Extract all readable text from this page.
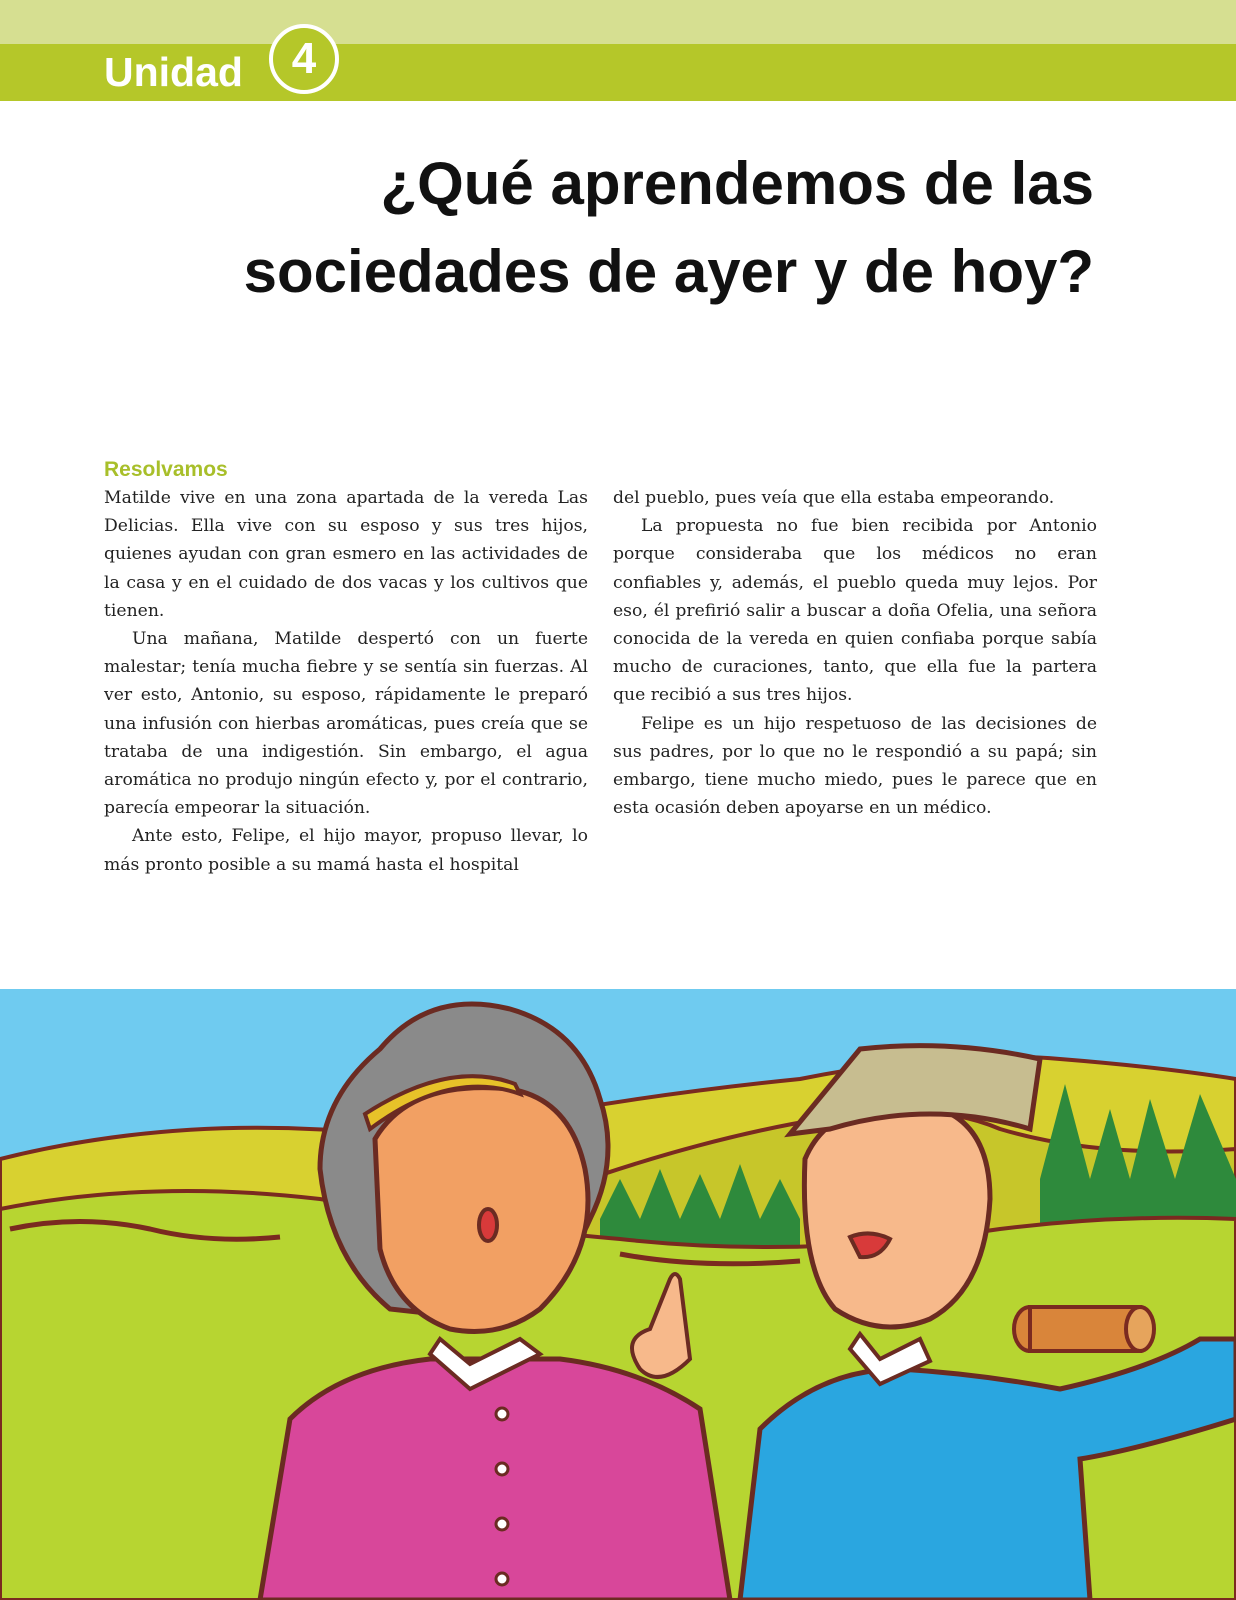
Unidad 4
¿Qué aprendemos de las
sociedades de ayer y de hoy?
Resolvamos

Matilde vive en una zona apartada de la vereda Las Delicias. Ella vive con su esposo y sus tres hijos, quienes ayudan con gran esmero en las actividades de la casa y en el cuidado de dos vacas y los cultivos que tienen.

Una mañana, Matilde despertó con un fuerte malestar; tenía mucha fiebre y se sentía sin fuerzas. Al ver esto, Antonio, su esposo, rápidamente le preparó una infusión con hierbas aromáticas, pues creía que se trataba de una indigestión. Sin embargo, el agua aromática no produjo ningún efecto y, por el contrario, parecía empeorar la situación.

Ante esto, Felipe, el hijo mayor, propuso llevar, lo más pronto posible a su mamá hasta el hospital

del pueblo, pues veía que ella estaba empeorando.

La propuesta no fue bien recibida por Antonio porque consideraba que los médicos no eran confiables y, además, el pueblo queda muy lejos. Por eso, él prefirió salir a buscar a doña Ofelia, una señora conocida de la vereda en quien confiaba porque sabía mucho de curaciones, tanto, que ella fue la partera que recibió a sus tres hijos.

Felipe es un hijo respetuoso de las decisiones de sus padres, por lo que no le respondió a su papá; sin embargo, tiene mucho miedo, pues le parece que en esta ocasión deben apoyarse en un médico.
